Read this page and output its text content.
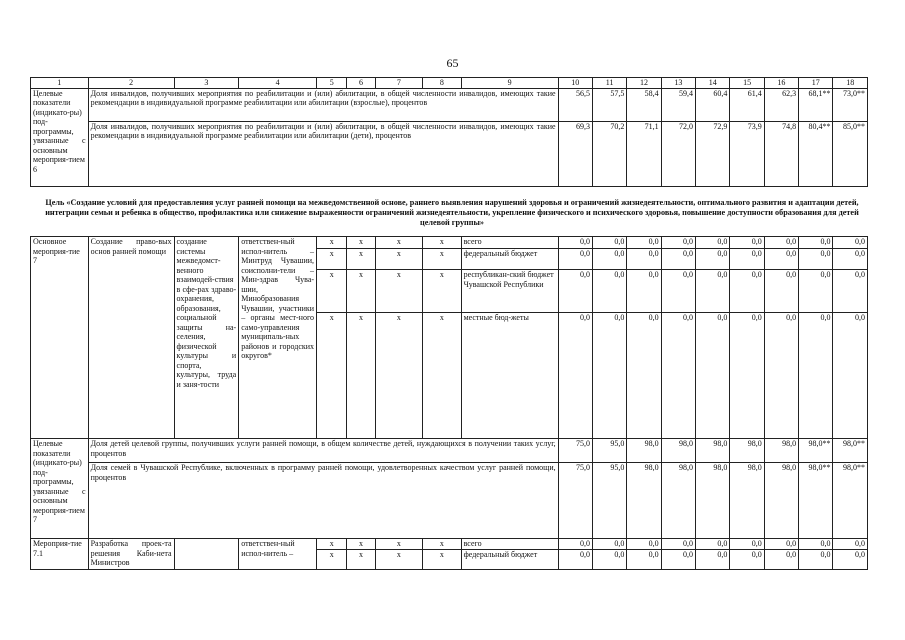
65
1	2	3	4	5	6	7	8	9	10	11	12	13	14	15	16	17	18
Целевые показатели (индикато-ры) под-программы, увязанные с основным мероприя-тием 6	Доля инвалидов, получивших мероприятия по реабилитации и (или) абилитации, в общей численности инвалидов, имеющих такие рекомендации в индивидуальной программе реабилитации или абилитации (взрослые), процентов								56,5	57,5	58,4	59,4	60,4	61,4	62,3	68,1**	73,0**
	Доля инвалидов, получивших мероприятия по реабилитации и (или) абилитации, в общей численности инвалидов, имеющих такие рекомендации в индивидуальной программе реабилитации или абилитации (дети), процентов								69,3	70,2	71,1	72,0	72,9	73,9	74,8	80,4**	85,0**
Цель «Создание условий для предоставления услуг ранней помощи на межведомственной основе, раннего выявления нарушений здоровья и ограничений жизнедеятельности, оптимального развития и адаптации детей, интеграции семьи и ребенка в общество, профилактика или снижение выраженности ограничений жизнедеятельности, укрепление физического и психического здоровья, повышение доступности образования для детей целевой группы»
Основное мероприя-тие 7	Создание право-вых основ ранней помощи	создание системы межведомст-венного взаимодей-ствия в сфе-рах здраво-охранения, образования, социальной защиты на-селения, физической культуры и спорта, культуры, труда и заня-тости	ответствен-ный испол-нитель – Минтруд Чувашии, соисполни-тели – Мин-здрав Чува-шии, Минобразования Чувашии, участники – органы мест-ного само-управления муниципаль-ных районов и городских округов*	x	x	x	x	всего	0,0	0,0	0,0	0,0	0,0	0,0	0,0	0,0	0,0
				x	x	x	x	федеральный бюджет	0,0	0,0	0,0	0,0	0,0	0,0	0,0	0,0	0,0
				x	x	x	x	республикан-ский бюджет Чувашской Республики	0,0	0,0	0,0	0,0	0,0	0,0	0,0	0,0	0,0
				x	x	x	x	местные бюд-жеты	0,0	0,0	0,0	0,0	0,0	0,0	0,0	0,0	0,0
Целевые показатели (индикато-ры) под-программы, увязанные с основным мероприя-тием 7	Доля детей целевой группы, получивших услуги ранней помощи, в общем количестве детей, нуждающихся в получении таких услуг, процентов								75,0	95,0	98,0	98,0	98,0	98,0	98,0	98,0**	98,0**
	Доля семей в Чувашской Республике, включенных в программу ранней помощи, удовлетворенных качеством услуг ранней помощи, процентов								75,0	95,0	98,0	98,0	98,0	98,0	98,0	98,0**	98,0**
Мероприя-тие 7.1	Разработка проек-та решения Каби-нета Министров		ответствен-ный испол-нитель –	x	x	x	x	всего	0,0	0,0	0,0	0,0	0,0	0,0	0,0	0,0	0,0
				x	x	x	x	федеральный бюджет	0,0	0,0	0,0	0,0	0,0	0,0	0,0	0,0	0,0
